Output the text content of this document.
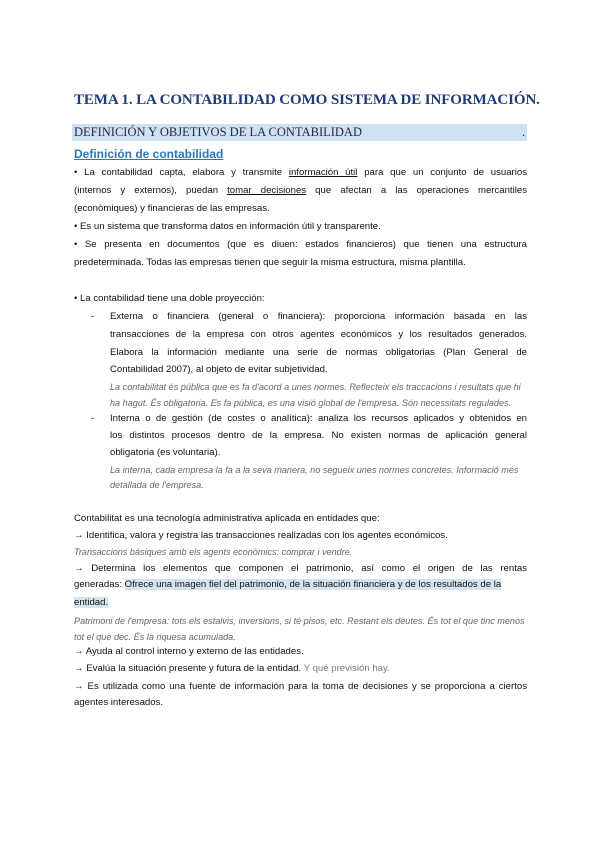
TEMA 1. LA CONTABILIDAD COMO SISTEMA DE INFORMACIÓN.
DEFINICIÓN Y OBJETIVOS DE LA CONTABILIDAD	.
Definición de contabilidad
• La contabilidad capta, elabora y transmite información útil para que un conjunto de usuarios
(internos y externos), puedan tomar decisiones que afectan a las operaciones mercantiles
(econòmiques) y financieras de las empresas.
• Es un sistema que transforma datos en información útil y transparente.
• Se presenta en documentos (que es diuen: estados financieros) que tienen una estructura
predeterminada. Todas las empresas tienen que seguir la misma estructura, misma plantilla.
• La contabilidad tiene una doble proyección:
- Externa o financiera (general o financiera): proporciona información basada en las
transacciones de la empresa con otros agentes económicos y los resultados generados.
Elabora la información mediante una serie de normas obligatorias (Plan General de
Contabilidad 2007), al objeto de evitar subjetividad.
La contabilitat és pública que es fa d'acord a unes normes. Reflecteix els traccacions i resultats que hi
ha hagut. És obligatoria. Es fa pública, es una visió global de l'empresa. Són necessitats regulades.
- Interna o de gestión (de costes o analítica): analiza los recursos aplicados y obtenidos en
los distintos procesos dentro de la empresa. No existen normas de aplicación general
obligatoria (es voluntaria).
La interna, cada empresa la fa a la seva manera, no segueix unes normes concretes. Informació més
detallada de l'empresa.
Contabilitat es una tecnología administrativa aplicada en entidades que:
→ Identifica, valora y registra las transacciones realizadas con los agentes económicos.
Transaccions bàsiques amb els agents econòmics: comprar i vendre.
→ Determina los elementos que componen el patrimonio, así como el origen de las rentas
generadas: Ofrece una imagen fiel del patrimonio, de la situación financiera y de los resultados de la
entidad.
Patrimoni de l'empresa: tots els estalvis, inversions, si té pisos, etc. Restant els deutes. És tot el que tinc menos
tot el que dec. És la riquesa acumulada.
→ Ayuda al control interno y externo de las entidades.
→ Evalúa la situación presente y futura de la entidad. Y qué previsión hay.
→ Es utilizada como una fuente de información para la toma de decisiones y se proporciona a ciertos
agentes interesados.
